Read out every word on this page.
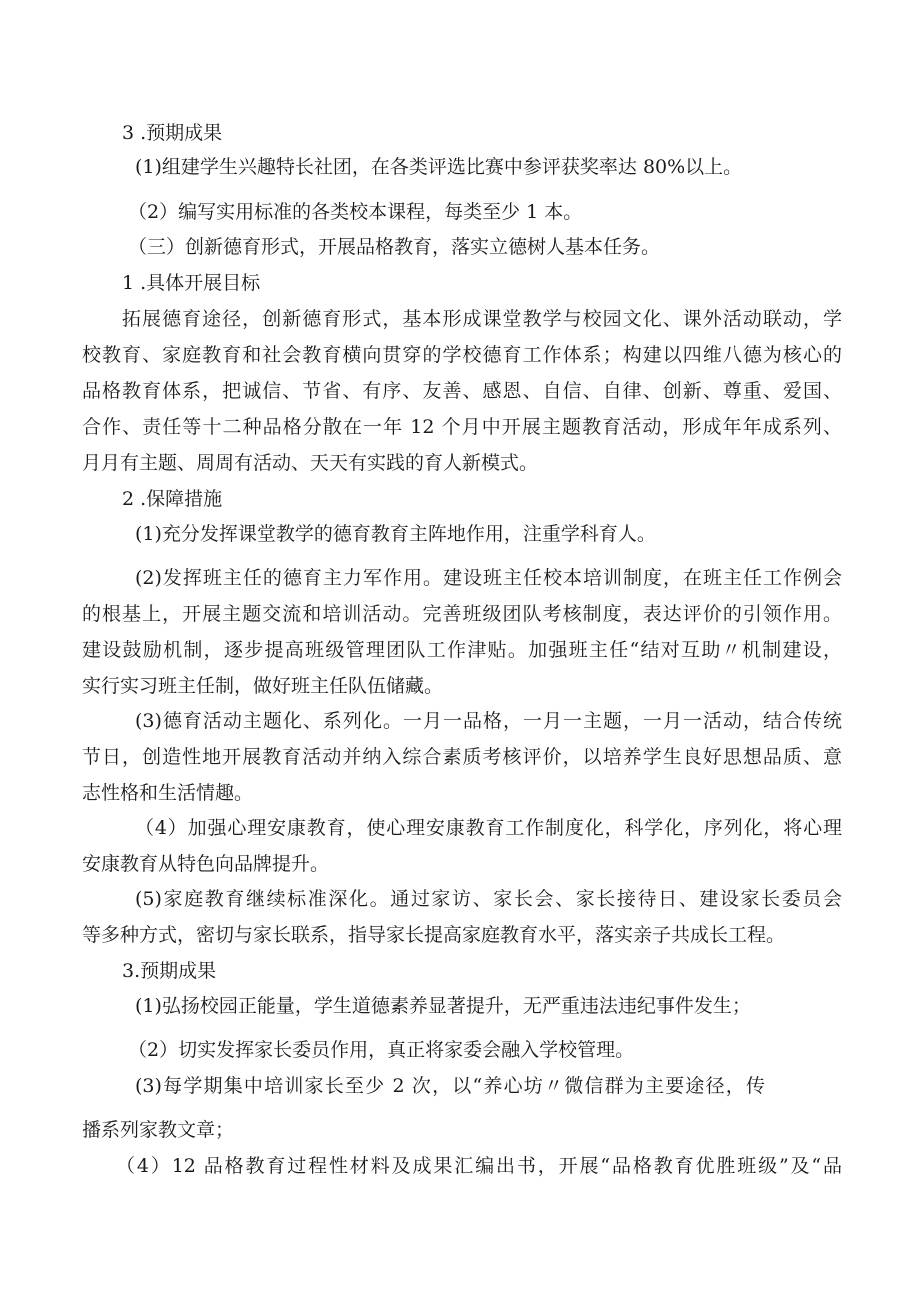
3 .预期成果

(1)组建学生兴趣特长社团，在各类评选比赛中参评获奖率达 80%以上。

（2）编写实用标准的各类校本课程，每类至少 1 本。

（三）创新德育形式，开展品格教育，落实立德树人基本任务。

1 .具体开展目标

拓展德育途径，创新德育形式，基本形成课堂教学与校园文化、课外活动联动，学

校教育、家庭教育和社会教育横向贯穿的学校德育工作体系；构建以四维八德为核心的

品格教育体系，把诚信、节省、有序、友善、感恩、自信、自律、创新、尊重、爱国、

合作、责任等十二种品格分散在一年 12 个月中开展主题教育活动，形成年年成系列、

月月有主题、周周有活动、天天有实践的育人新模式。

2 .保障措施

(1)充分发挥课堂教学的德育教育主阵地作用，注重学科育人。

(2)发挥班主任的德育主力军作用。建设班主任校本培训制度，在班主任工作例会

的根基上，开展主题交流和培训活动。完善班级团队考核制度，表达评价的引领作用。

建设鼓励机制，逐步提高班级管理团队工作津贴。加强班主任“结对互助〃机制建设，

实行实习班主任制，做好班主任队伍储藏。

(3)德育活动主题化、系列化。一月一品格，一月一主题，一月一活动，结合传统

节日，创造性地开展教育活动并纳入综合素质考核评价，以培养学生良好思想品质、意

志性格和生活情趣。

（4）加强心理安康教育，使心理安康教育工作制度化，科学化，序列化，将心理

安康教育从特色向品牌提升。

(5)家庭教育继续标准深化。通过家访、家长会、家长接待日、建设家长委员会

等多种方式，密切与家长联系，指导家长提高家庭教育水平，落实亲子共成长工程。

3.预期成果

(1)弘扬校园正能量，学生道德素养显著提升，无严重违法违纪事件发生；

（2）切实发挥家长委员作用，真正将家委会融入学校管理。

(3)每学期集中培训家长至少 2 次，以“养心坊〃微信群为主要途径，传

播系列家教文章；

（4）12 品格教育过程性材料及成果汇编出书，开展“品格教育优胜班级”及“品
